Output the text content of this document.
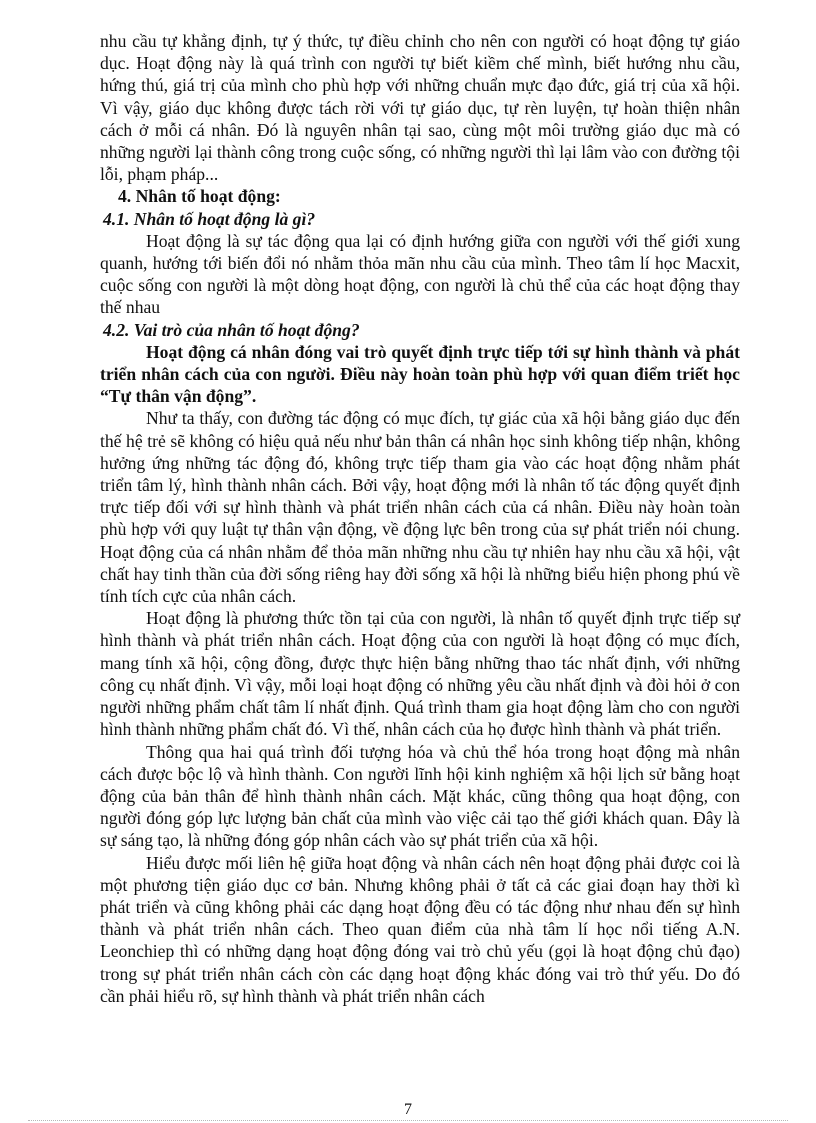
nhu cầu tự khẳng định, tự ý thức, tự điều chỉnh cho nên con người có hoạt động tự giáo dục. Hoạt động này là quá trình con người tự biết kiềm chế mình, biết hướng nhu cầu, hứng thú, giá trị của mình cho phù hợp với những chuẩn mực đạo đức, giá trị của xã hội. Vì vậy, giáo dục không được tách rời với tự giáo dục, tự rèn luyện, tự hoàn thiện nhân cách ở mỗi cá nhân. Đó là nguyên nhân tại sao, cùng một môi trường giáo dục mà có những người lại thành công trong cuộc sống, có những người thì lại lâm vào con đường tội lỗi, phạm pháp...

4. Nhân tố hoạt động:

4.1. Nhân tố hoạt động là gì?

Hoạt động là sự tác động qua lại có định hướng giữa con người với thế giới xung quanh, hướng tới biến đổi nó nhằm thỏa mãn nhu cầu của mình. Theo tâm lí học Macxit, cuộc sống con người là một dòng hoạt động, con người là chủ thể của các hoạt động thay thế nhau

4.2. Vai trò của nhân tố hoạt động?

Hoạt động cá nhân đóng vai trò quyết định trực tiếp tới sự hình thành và phát triển nhân cách của con người. Điều này hoàn toàn phù hợp với quan điểm triết học “Tự thân vận động”.

Như ta thấy, con đường tác động có mục đích, tự giác của xã hội bằng giáo dục đến thế hệ trẻ sẽ không có hiệu quả nếu như bản thân cá nhân học sinh không tiếp nhận, không hưởng ứng những tác động đó, không trực tiếp tham gia vào các hoạt động nhằm phát triển tâm lý, hình thành nhân cách. Bởi vậy, hoạt động mới là nhân tố tác động quyết định trực tiếp đối với sự hình thành và phát triển nhân cách của cá nhân. Điều này hoàn toàn phù hợp với quy luật tự thân vận động, về động lực bên trong của sự phát triển nói chung. Hoạt động của cá nhân nhằm để thỏa mãn những nhu cầu tự nhiên hay nhu cầu xã hội, vật chất hay tinh thần của đời sống riêng hay đời sống xã hội là những biểu hiện phong phú về tính tích cực của nhân cách.

Hoạt động là phương thức tồn tại của con người, là nhân tố quyết định trực tiếp sự hình thành và phát triển nhân cách. Hoạt động của con người là hoạt động có mục đích, mang tính xã hội, cộng đồng, được thực hiện bằng những thao tác nhất định, với những công cụ nhất định. Vì vậy, mỗi loại hoạt động có những yêu cầu nhất định và đòi hỏi ở con người những phẩm chất tâm lí nhất định. Quá trình tham gia hoạt động làm cho con người hình thành những phẩm chất đó. Vì thế, nhân cách của họ được hình thành và phát triển.

Thông qua hai quá trình đối tượng hóa và chủ thể hóa trong hoạt động mà nhân cách được bộc lộ và hình thành. Con người lĩnh hội kinh nghiệm xã hội lịch sử bằng hoạt động của bản thân để hình thành nhân cách. Mặt khác, cũng thông qua hoạt động, con người đóng góp lực lượng bản chất của mình vào việc cải tạo thế giới khách quan. Đây là sự sáng tạo, là những đóng góp nhân cách vào sự phát triển của xã hội.

Hiểu được mối liên hệ giữa hoạt động và nhân cách nên hoạt động phải được coi là một phương tiện giáo dục cơ bản. Nhưng không phải ở tất cả các giai đoạn hay thời kì phát triển và cũng không phải các dạng hoạt động đều có tác động như nhau đến sự hình thành và phát triển nhân cách. Theo quan điểm của nhà tâm lí học nổi tiếng A.N. Leonchiep thì có những dạng hoạt động đóng vai trò chủ yếu (gọi là hoạt động chủ đạo) trong sự phát triển nhân cách còn các dạng hoạt động khác đóng vai trò thứ yếu. Do đó cần phải hiểu rõ, sự hình thành và phát triển nhân cách

7
